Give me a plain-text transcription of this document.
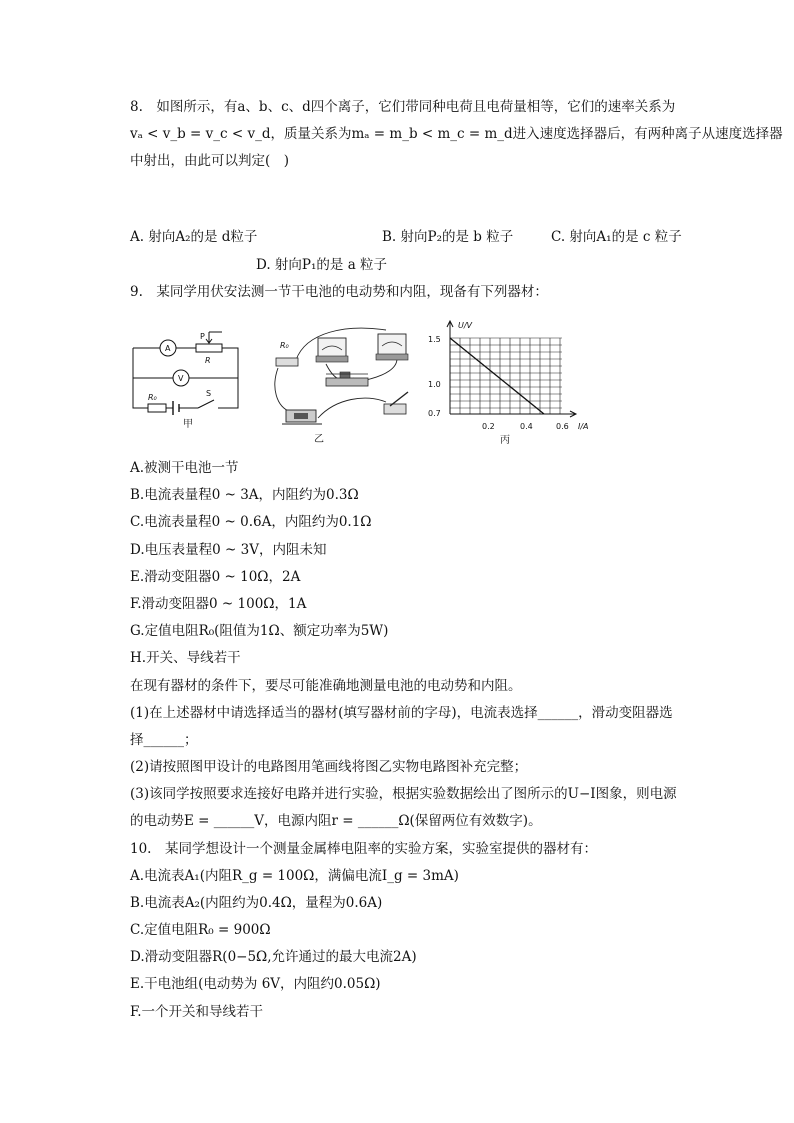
8.　如图所示，有a、b、c、d四个离子，它们带同种电荷且电荷量相等，它们的速率关系为
vₐ < v_b = v_c < v_d，质量关系为mₐ = m_b < m_c = m_d进入速度选择器后，有两种离子从速度选择器
中射出，由此可以判定(　)
A. 射向A₂的是 d粒子	B. 射向P₂的是 b 粒子	C. 射向A₁的是 c 粒子
D. 射向P₁的是 a 粒子
9.　某同学用伏安法测一节干电池的电动势和内阻，现备有下列器材：
A
V
P
R
R₀	S
甲
R₀
乙
U/V
1.5
1.0
0.7
0.2	0.4	0.6 I/A
丙
A.被测干电池一节
B.电流表量程0 ~ 3A，内阻约为0.3Ω
C.电流表量程0 ~ 0.6A，内阻约为0.1Ω
D.电压表量程0 ~ 3V，内阻未知
E.滑动变阻器0 ~ 10Ω，2A
F.滑动变阻器0 ~ 100Ω，1A
G.定值电阻R₀(阻值为1Ω、额定功率为5W)
H.开关、导线若干
在现有器材的条件下，要尽可能准确地测量电池的电动势和内阻。
(1)在上述器材中请选择适当的器材(填写器材前的字母)，电流表选择______，滑动变阻器选
择______；
(2)请按照图甲设计的电路图用笔画线将图乙实物电路图补充完整；
(3)该同学按照要求连接好电路并进行实验，根据实验数据绘出了图所示的U−I图象，则电源
的电动势E = ______V，电源内阻r = ______Ω(保留两位有效数字)。
10.　某同学想设计一个测量金属棒电阻率的实验方案，实验室提供的器材有：
A.电流表A₁(内阻R_g = 100Ω，满偏电流I_g = 3mA)
B.电流表A₂(内阻约为0.4Ω，量程为0.6A)
C.定值电阻R₀ = 900Ω
D.滑动变阻器R(0−5Ω,允许通过的最大电流2A)
E.干电池组(电动势为 6V，内阻约0.05Ω)
F.一个开关和导线若干
